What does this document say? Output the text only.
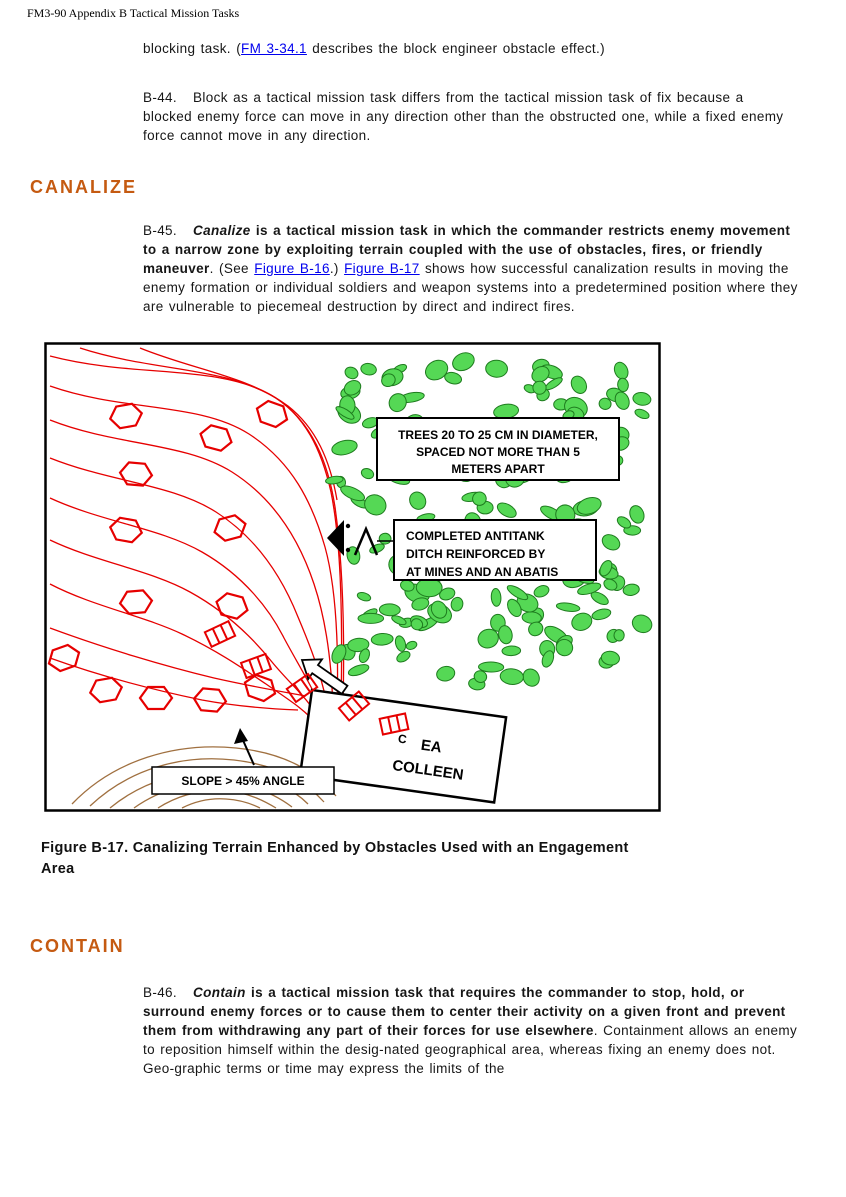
FM3-90 Appendix B Tactical Mission Tasks

blocking task. (FM 3-34.1 describes the block engineer obstacle effect.)

B-44. Block as a tactical mission task differs from the tactical mission task of fix because a blocked enemy force can move in any direction other than the obstructed one, while a fixed enemy force cannot move in any direction.

CANALIZE

B-45. Canalize is a tactical mission task in which the commander restricts enemy movement to a narrow zone by exploiting terrain coupled with the use of obstacles, fires, or friendly maneuver. (See Figure B-16.) Figure B-17 shows how successful canalization results in moving the enemy formation or individual soldiers and weapon systems into a predetermined position where they are vulnerable to piecemeal destruction by direct and indirect fires.

TREES 20 TO 25 CM IN DIAMETER,
SPACED NOT MORE THAN 5
METERS APART
COMPLETED ANTITANK
DITCH REINFORCED BY
AT MINES AND AN ABATIS
C EA
COLLEEN
SLOPE > 45% ANGLE

Figure B-17. Canalizing Terrain Enhanced by Obstacles Used with an Engagement
Area

CONTAIN

B-46. Contain is a tactical mission task that requires the commander to stop, hold, or surround enemy forces or to cause them to center their activity on a given front and prevent them from withdrawing any part of their forces for use elsewhere. Containment allows an enemy to reposition himself within the desig-nated geographical area, whereas fixing an enemy does not. Geo-graphic terms or time may express the limits of the
